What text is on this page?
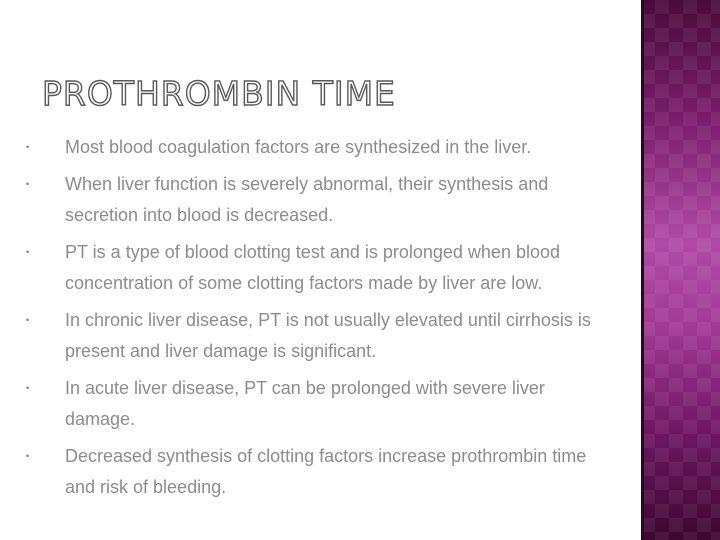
PROTHROMBIN TIME
• Most blood coagulation factors are synthesized in the liver.
• When liver function is severely abnormal, their synthesis and secretion into blood is decreased.
• PT is a type of blood clotting test and is prolonged when blood concentration of some clotting factors made by liver are low.
• In chronic liver disease, PT is not usually elevated until cirrhosis is present and liver damage is significant.
• In acute liver disease, PT can be prolonged with severe liver damage.
• Decreased synthesis of clotting factors increase prothrombin time and risk of bleeding.
